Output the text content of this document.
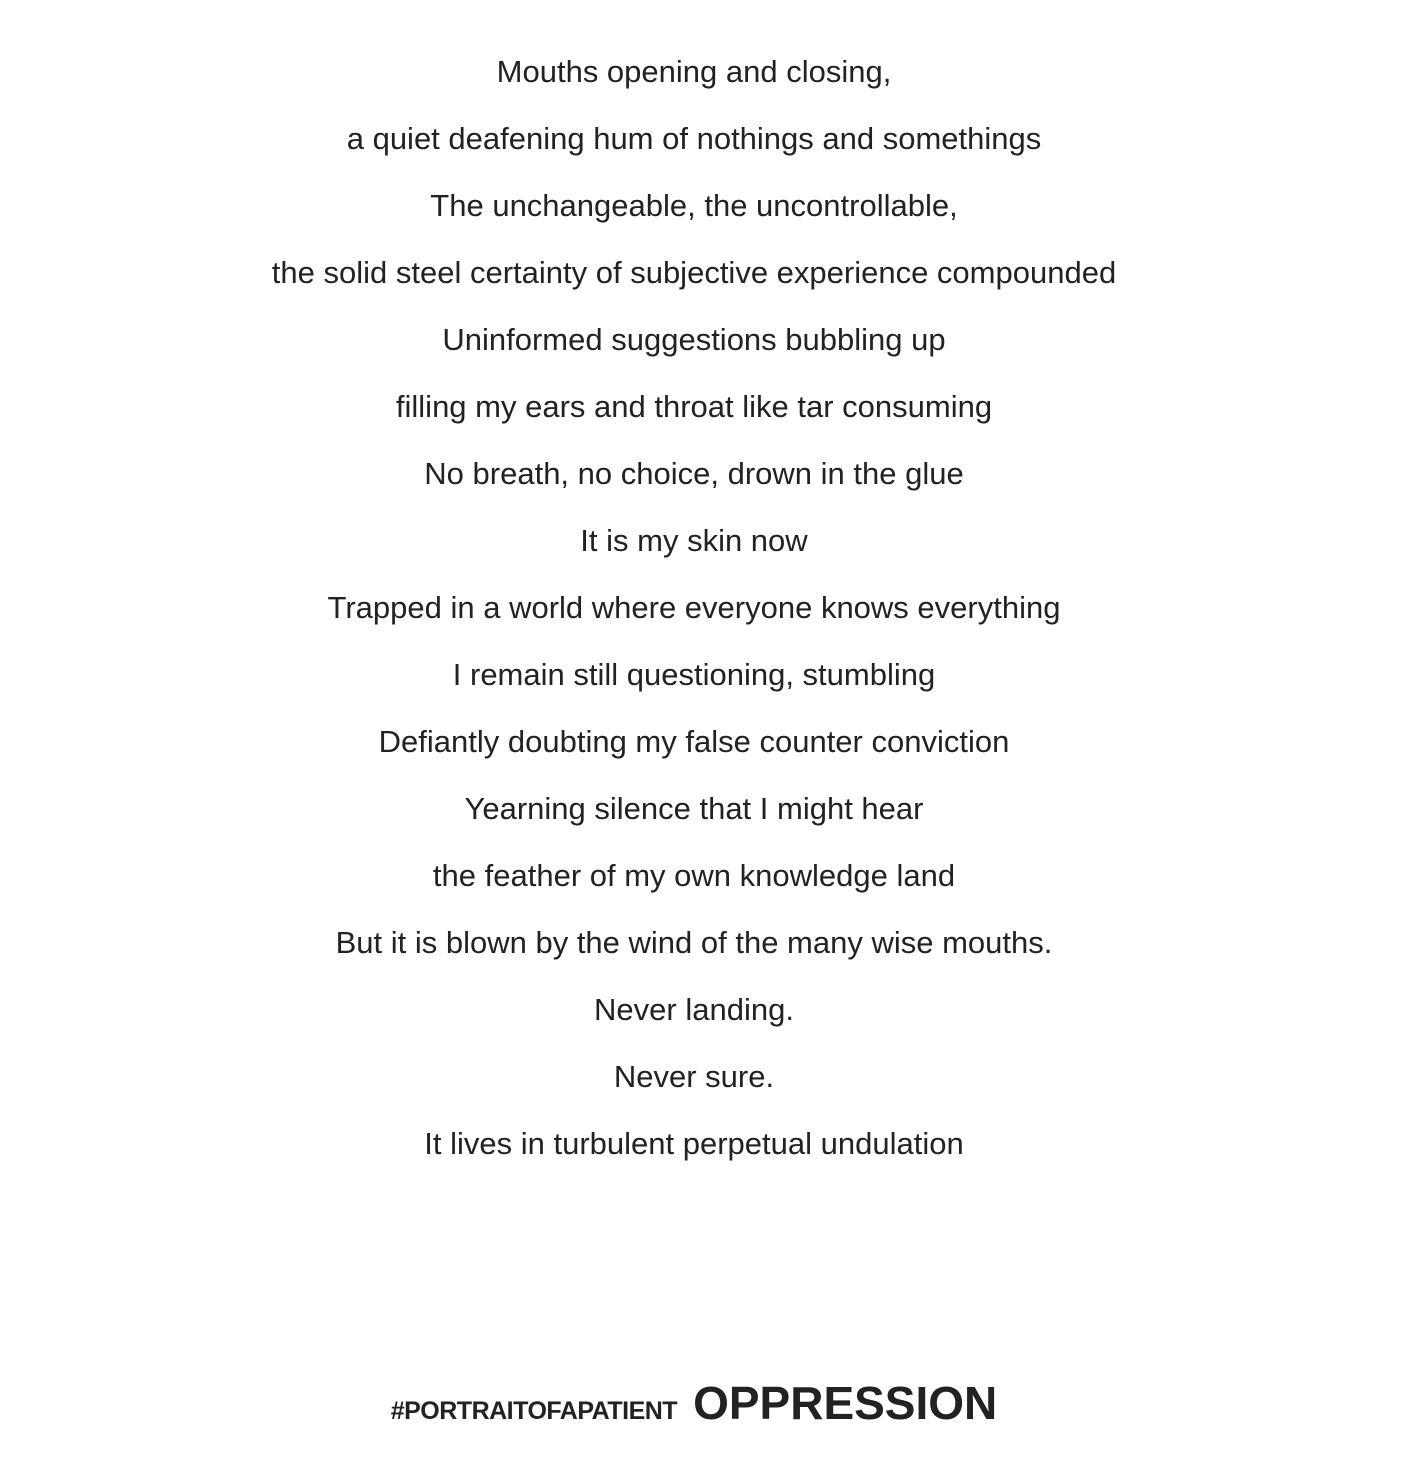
Mouths opening and closing,
a quiet deafening hum of nothings and somethings
The unchangeable, the uncontrollable,
the solid steel certainty of subjective experience compounded
Uninformed suggestions bubbling up
filling my ears and throat like tar consuming
No breath, no choice, drown in the glue
It is my skin now
Trapped in a world where everyone knows everything
I remain still questioning, stumbling
Defiantly doubting my false counter conviction
Yearning silence that I might hear
the feather of my own knowledge land
But it is blown by the wind of the many wise mouths.
Never landing.
Never sure.
It lives in turbulent perpetual undulation
#PORTRAITOFAPATIENT OPPRESSION
